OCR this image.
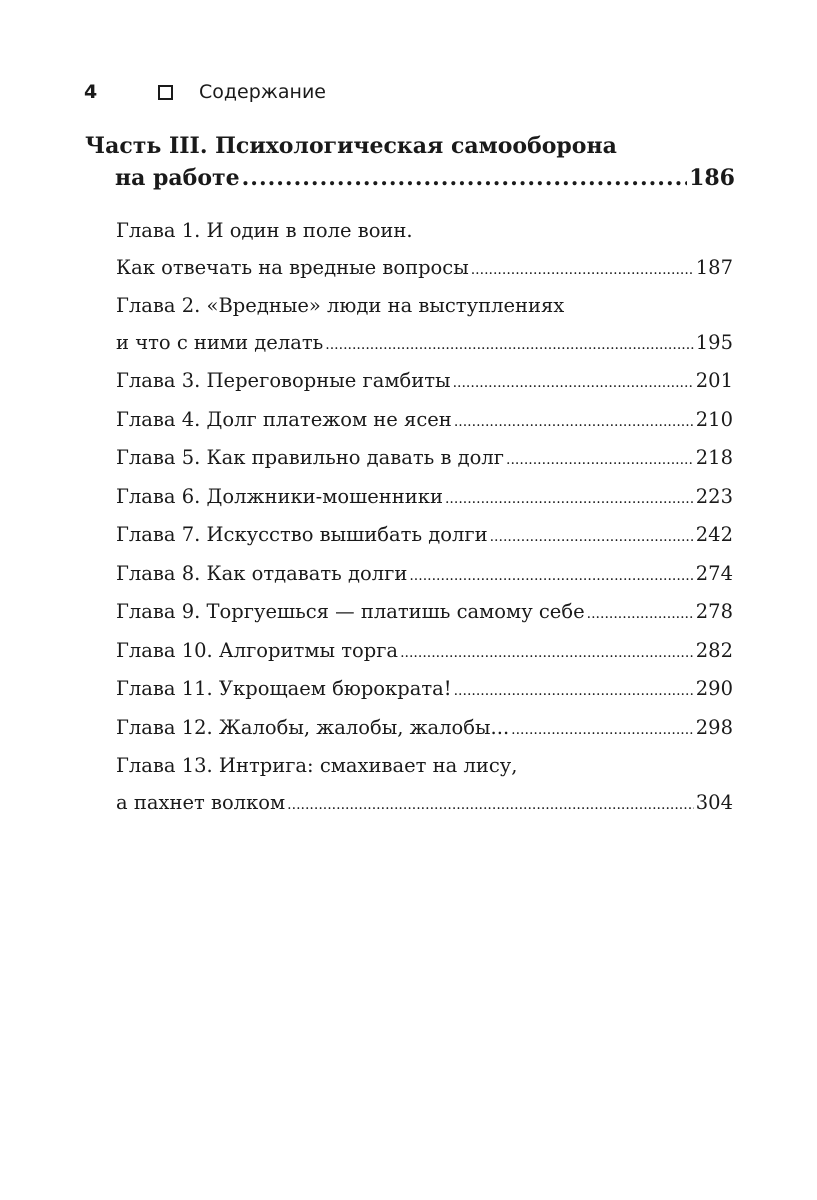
4	Содержание
Часть III. Психологическая самооборона
на работе .....	186
Глава 1. И один в поле воин.
Как отвечать на вредные вопросы .....	187
Глава 2. «Вредные» люди на выступлениях
и что с ними делать .....	195
Глава 3. Переговорные гамбиты .....	201
Глава 4. Долг платежом не ясен .....	210
Глава 5. Как правильно давать в долг .....	218
Глава 6. Должники-мошенники .....	223
Глава 7. Искусство вышибать долги .....	242
Глава 8. Как отдавать долги .....	274
Глава 9. Торгуешься — платишь самому себе .....	278
Глава 10. Алгоритмы торга .....	282
Глава 11. Укрощаем бюрократа! .....	290
Глава 12. Жалобы, жалобы, жалобы... .....	298
Глава 13. Интрига: смахивает на лису,
а пахнет волком .....	304
